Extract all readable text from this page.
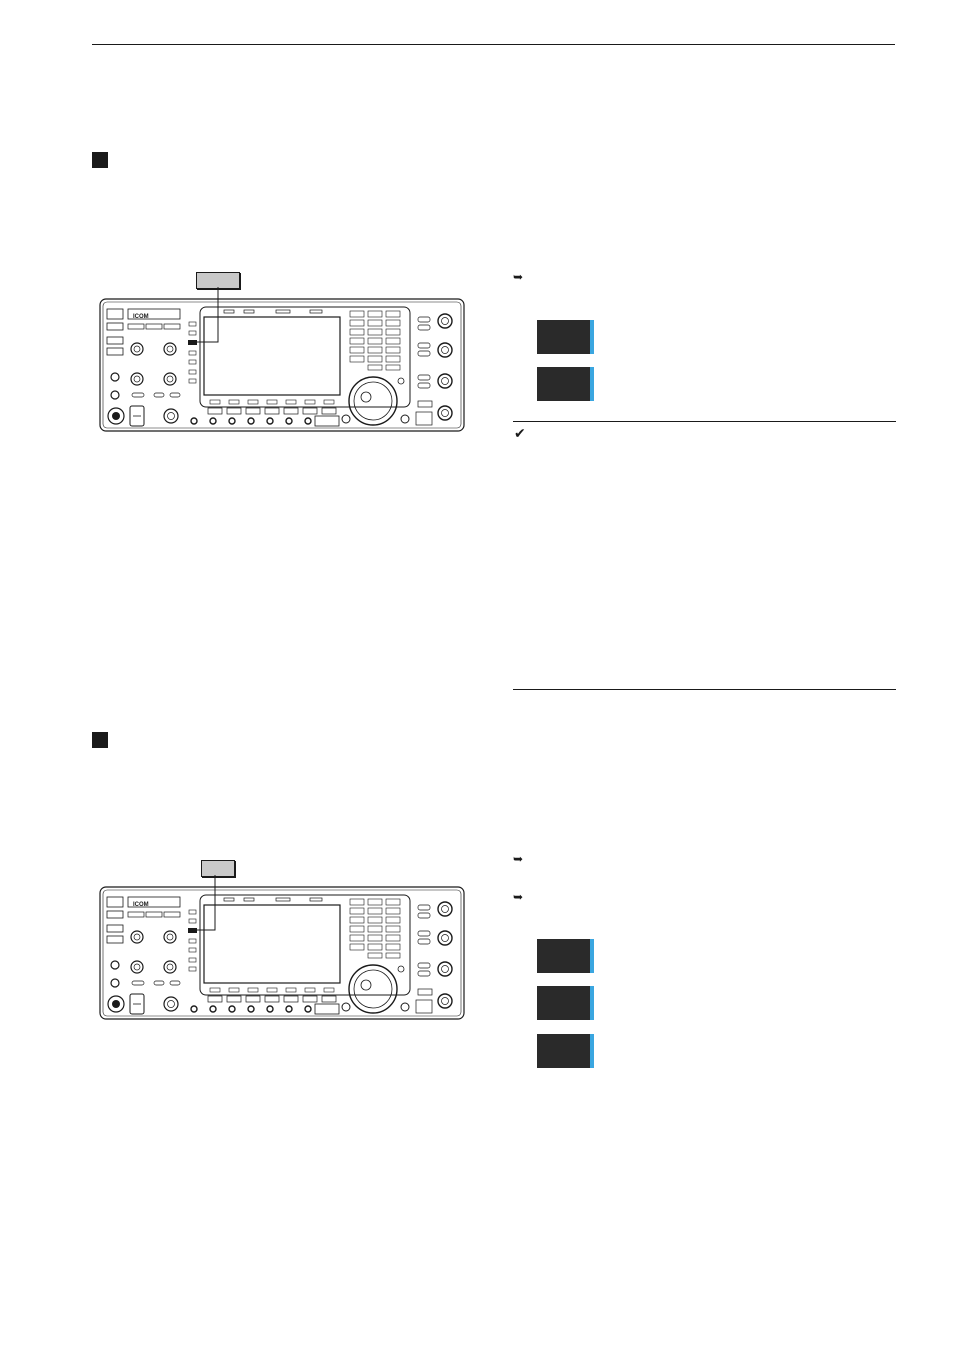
ICOM
➥
✔
ICOM
➥
➥
